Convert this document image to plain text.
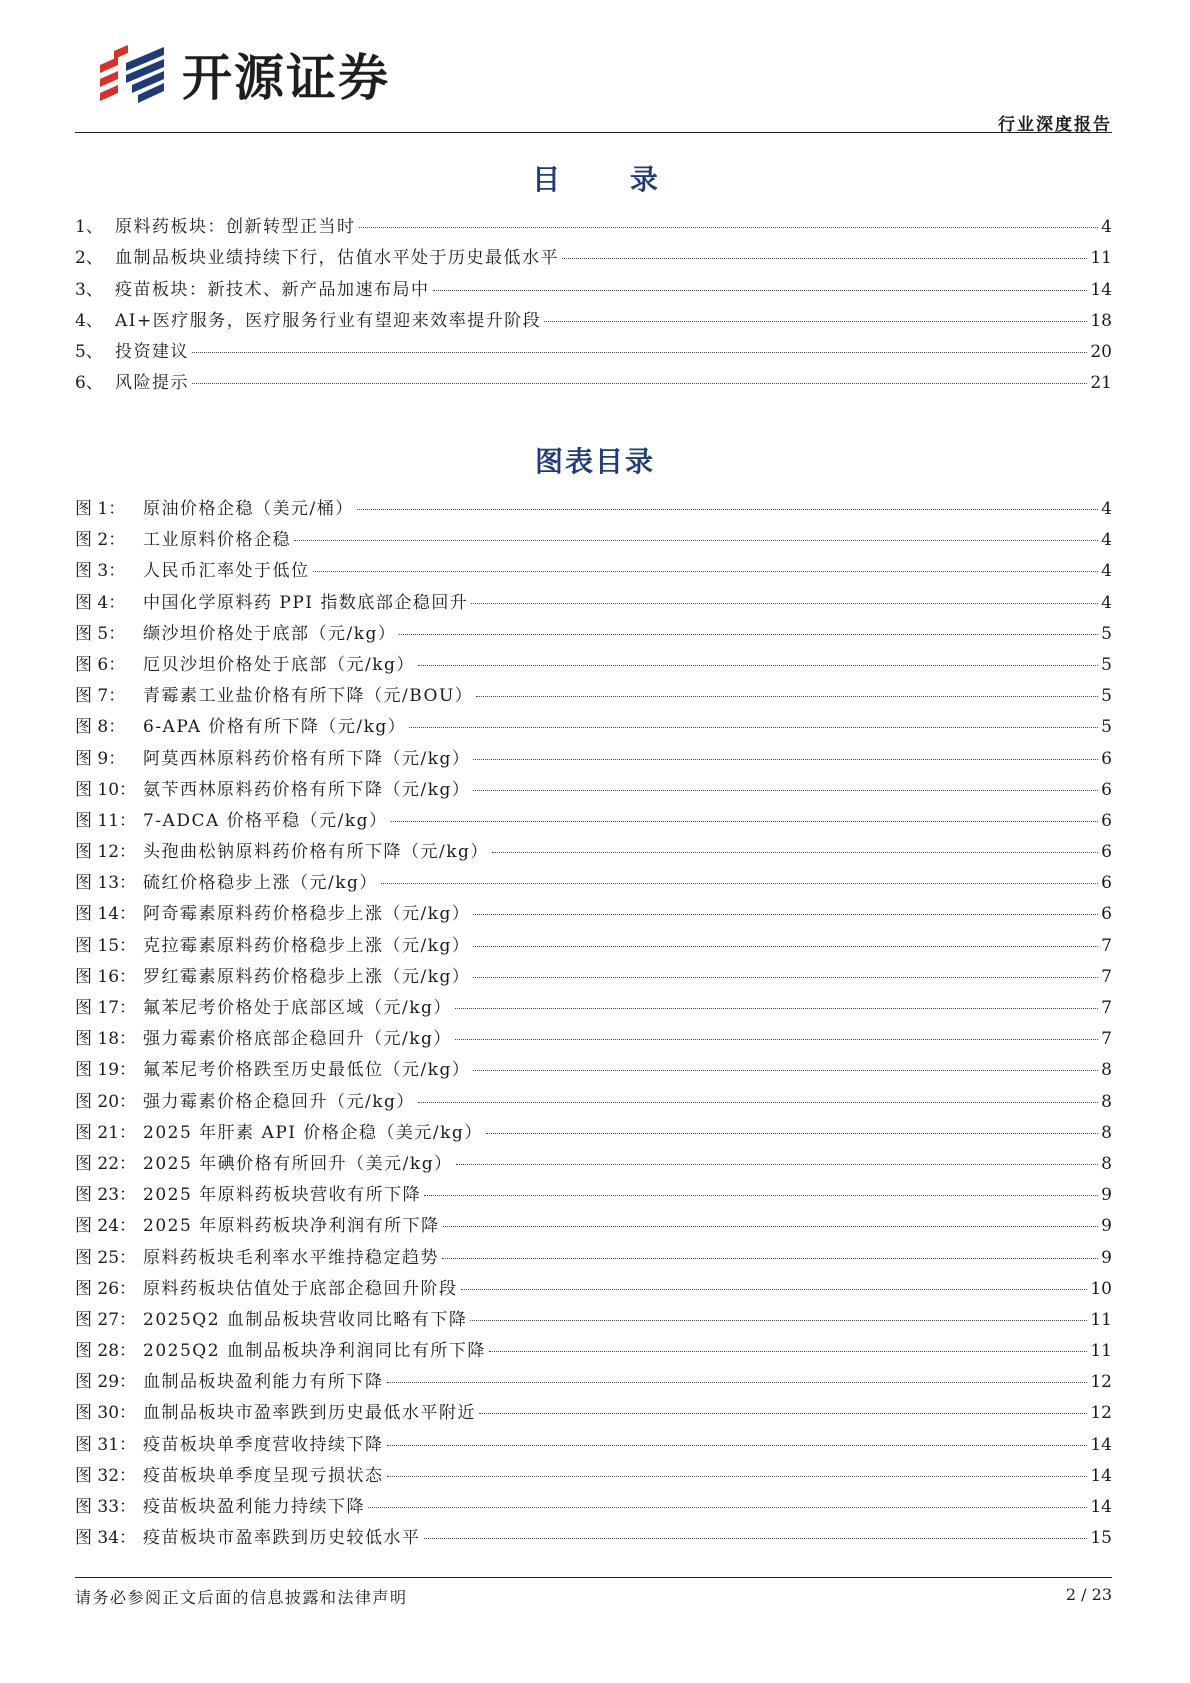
开源证券
行业深度报告
目 录
1、 原料药板块：创新转型正当时	4
2、 血制品板块业绩持续下行，估值水平处于历史最低水平	11
3、 疫苗板块：新技术、新产品加速布局中	14
4、 AI+医疗服务，医疗服务行业有望迎来效率提升阶段	18
5、 投资建议	20
6、 风险提示	21
图表目录
图 1：	原油价格企稳（美元/桶）	4
图 2：	工业原料价格企稳	4
图 3：	人民币汇率处于低位	4
图 4：	中国化学原料药 PPI 指数底部企稳回升	4
图 5：	缬沙坦价格处于底部（元/kg）	5
图 6：	厄贝沙坦价格处于底部（元/kg）	5
图 7：	青霉素工业盐价格有所下降（元/BOU）	5
图 8：	6-APA 价格有所下降（元/kg）	5
图 9：	阿莫西林原料药价格有所下降（元/kg）	6
图 10： 氨苄西林原料药价格有所下降（元/kg）	6
图 11： 7-ADCA 价格平稳（元/kg）	6
图 12： 头孢曲松钠原料药价格有所下降（元/kg）	6
图 13： 硫红价格稳步上涨（元/kg）	6
图 14： 阿奇霉素原料药价格稳步上涨（元/kg）	6
图 15： 克拉霉素原料药价格稳步上涨（元/kg）	7
图 16： 罗红霉素原料药价格稳步上涨（元/kg）	7
图 17： 氟苯尼考价格处于底部区域（元/kg）	7
图 18： 强力霉素价格底部企稳回升（元/kg）	7
图 19： 氟苯尼考价格跌至历史最低位（元/kg）	8
图 20： 强力霉素价格企稳回升（元/kg）	8
图 21： 2025 年肝素 API 价格企稳（美元/kg）	8
图 22： 2025 年碘价格有所回升（美元/kg）	8
图 23： 2025 年原料药板块营收有所下降	9
图 24： 2025 年原料药板块净利润有所下降	9
图 25： 原料药板块毛利率水平维持稳定趋势	9
图 26： 原料药板块估值处于底部企稳回升阶段	10
图 27： 2025Q2 血制品板块营收同比略有下降	11
图 28： 2025Q2 血制品板块净利润同比有所下降	11
图 29： 血制品板块盈利能力有所下降	12
图 30： 血制品板块市盈率跌到历史最低水平附近	12
图 31： 疫苗板块单季度营收持续下降	14
图 32： 疫苗板块单季度呈现亏损状态	14
图 33： 疫苗板块盈利能力持续下降	14
图 34： 疫苗板块市盈率跌到历史较低水平	15
请务必参阅正文后面的信息披露和法律声明	2 / 23
